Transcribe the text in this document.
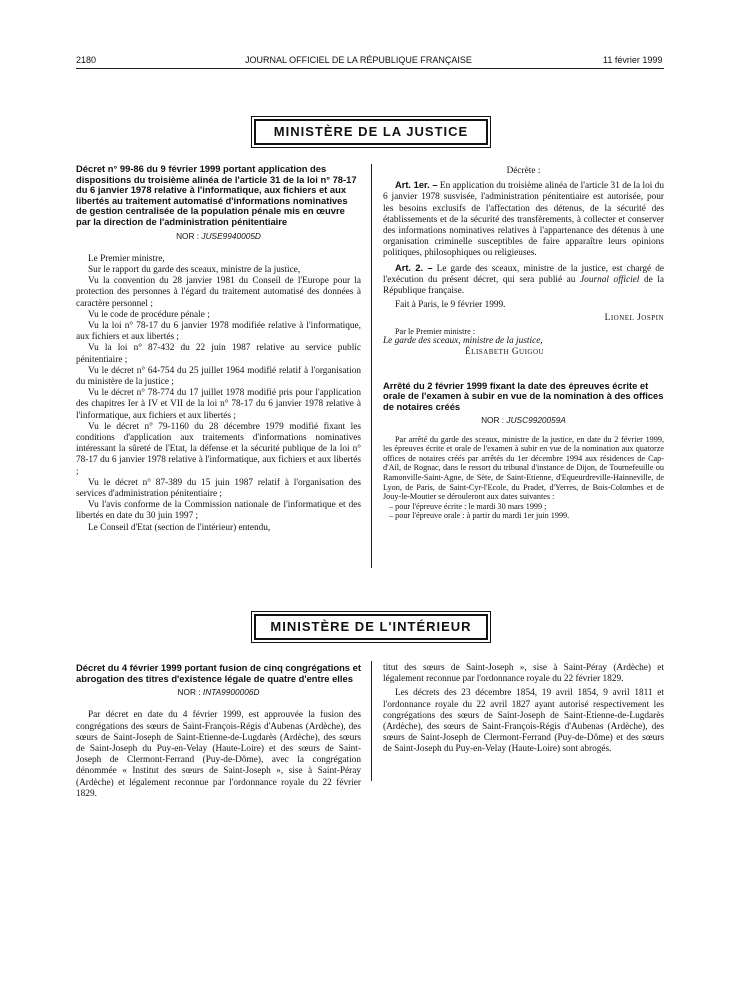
2180	JOURNAL OFFICIEL DE LA RÉPUBLIQUE FRANÇAISE	11 février 1999
MINISTÈRE DE LA JUSTICE

Décret n° 99-86 du 9 février 1999 portant application des dispositions du troisième alinéa de l'article 31 de la loi n° 78-17 du 6 janvier 1978 relative à l'informatique, aux fichiers et aux libertés au traitement automatisé d'informations nominatives de gestion centralisée de la population pénale mis en œuvre par la direction de l'administration pénitentiaire

NOR : JUSE9940005D

Le Premier ministre,

Sur le rapport du garde des sceaux, ministre de la justice,

Vu la convention du 28 janvier 1981 du Conseil de l'Europe pour la protection des personnes à l'égard du traitement automatisé des données à caractère personnel ;

Vu le code de procédure pénale ;

Vu la loi n° 78-17 du 6 janvier 1978 modifiée relative à l'informatique, aux fichiers et aux libertés ;

Vu la loi n° 87-432 du 22 juin 1987 relative au service public pénitentiaire ;

Vu le décret n° 64-754 du 25 juillet 1964 modifié relatif à l'organisation du ministère de la justice ;

Vu le décret n° 78-774 du 17 juillet 1978 modifié pris pour l'application des chapitres Ier à IV et VII de la loi n° 78-17 du 6 janvier 1978 relative à l'informatique, aux fichiers et aux libertés ;

Vu le décret n° 79-1160 du 28 décembre 1979 modifié fixant les conditions d'application aux traitements d'informations nominatives intéressant la sûreté de l'Etat, la défense et la sécurité publique de la loi n° 78-17 du 6 janvier 1978 relative à l'informatique, aux fichiers et aux libertés ;

Vu le décret n° 87-389 du 15 juin 1987 relatif à l'organisation des services d'administration pénitentiaire ;

Vu l'avis conforme de la Commission nationale de l'informatique et des libertés en date du 30 juin 1997 ;

Le Conseil d'Etat (section de l'intérieur) entendu,

Décrète :

Art. 1er. – En application du troisième alinéa de l'article 31 de la loi du 6 janvier 1978 susvisée, l'administration pénitentiaire est autorisée, pour les besoins exclusifs de l'affectation des détenus, de la sécurité des établissements et de la sécurité des transfèrements, à collecter et conserver des informations nominatives relatives à l'appartenance des détenus à une organisation criminelle susceptibles de faire apparaître leurs opinions politiques, philosophiques ou religieuses.

Art. 2. – Le garde des sceaux, ministre de la justice, est chargé de l'exécution du présent décret, qui sera publié au Journal officiel de la République française.

Fait à Paris, le 9 février 1999.

Lionel Jospin

Par le Premier ministre :

Le garde des sceaux, ministre de la justice,

Élisabeth Guigou

Arrêté du 2 février 1999 fixant la date des épreuves écrite et orale de l'examen à subir en vue de la nomination à des offices de notaires créés

NOR : JUSC9920059A

Par arrêté du garde des sceaux, ministre de la justice, en date du 2 février 1999, les épreuves écrite et orale de l'examen à subir en vue de la nomination aux quatorze offices de notaires créés par arrêtés du 1er décembre 1994 aux résidences de Cap-d'Ail, de Rognac, dans le ressort du tribunal d'instance de Dijon, de Tournefeuille ou Ramonville-Saint-Agne, de Sète, de Saint-Etienne, d'Equeurdreville-Hainneville, de Lyon, de Paris, de Saint-Cyr-l'Ecole, du Pradet, d'Yerres, de Bois-Colombes et de Jouy-le-Moutier se dérouleront aux dates suivantes :

– pour l'épreuve écrite : le mardi 30 mars 1999 ;

– pour l'épreuve orale : à partir du mardi 1er juin 1999.

MINISTÈRE DE L'INTÉRIEUR

Décret du 4 février 1999 portant fusion de cinq congrégations et abrogation des titres d'existence légale de quatre d'entre elles

NOR : INTA9900006D

Par décret en date du 4 février 1999, est approuvée la fusion des congrégations des sœurs de Saint-François-Régis d'Aubenas (Ardèche), des sœurs de Saint-Joseph de Saint-Etienne-de-Lugdarès (Ardèche), des sœurs de Saint-Joseph du Puy-en-Velay (Haute-Loire) et des sœurs de Saint-Joseph de Clermont-Ferrand (Puy-de-Dôme), avec la congrégation dénommée « Institut des sœurs de Saint-Joseph », sise à Saint-Péray (Ardèche) et légalement reconnue par l'ordonnance royale du 22 février 1829.

titut des sœurs de Saint-Joseph », sise à Saint-Péray (Ardèche) et légalement reconnue par l'ordonnance royale du 22 février 1829.

Les décrets des 23 décembre 1854, 19 avril 1854, 9 avril 1811 et l'ordonnance royale du 22 avril 1827 ayant autorisé respectivement les congrégations des sœurs de Saint-Joseph de Saint-Etienne-de-Lugdarès (Ardèche), des sœurs de Saint-François-Régis d'Aubenas (Ardèche), des sœurs de Saint-Joseph de Clermont-Ferrand (Puy-de-Dôme) et des sœurs de Saint-Joseph du Puy-en-Velay (Haute-Loire) sont abrogés.
